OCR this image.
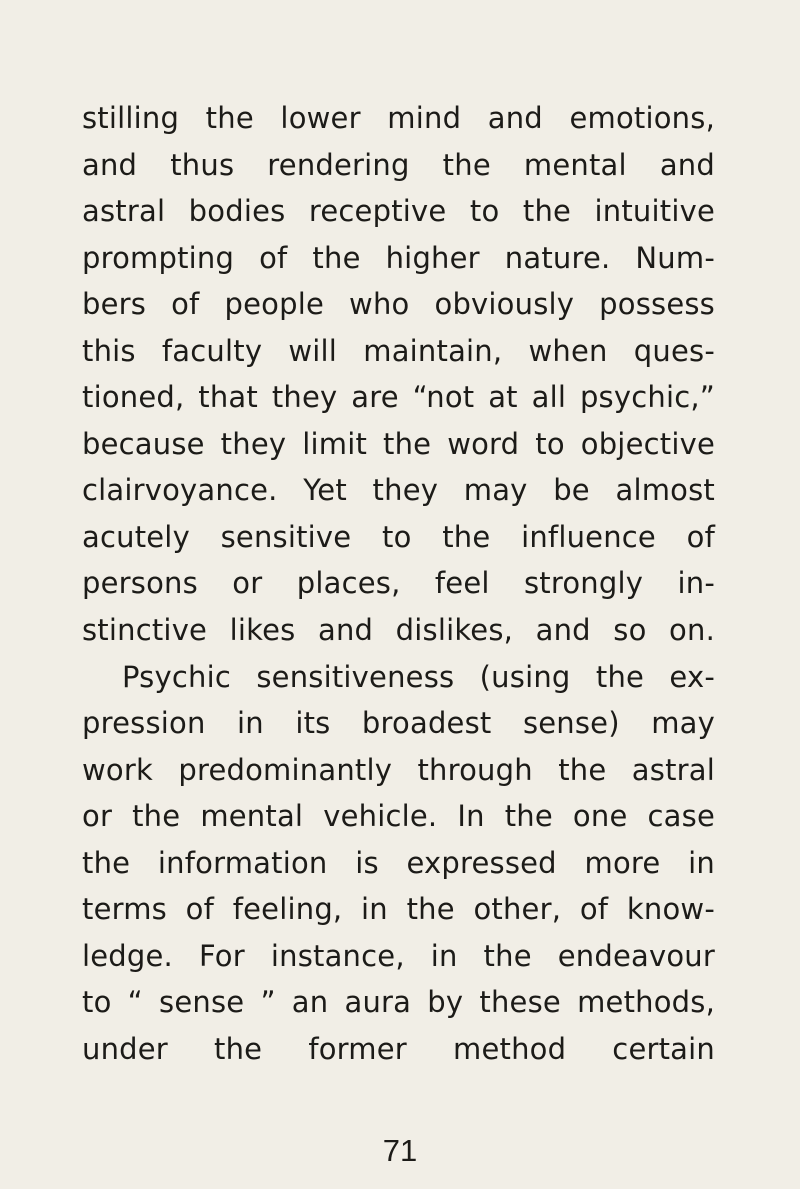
stilling the lower mind and emotions,
and thus rendering the mental and
astral bodies receptive to the intuitive
prompting of the higher nature. Num-
bers of people who obviously possess
this faculty will maintain, when ques-
tioned, that they are “not at all psychic,”
because they limit the word to objective
clairvoyance. Yet they may be almost
acutely sensitive to the influence of
persons or places, feel strongly in-
stinctive likes and dislikes, and so on.
Psychic sensitiveness (using the ex-
pression in its broadest sense) may
work predominantly through the astral
or the mental vehicle. In the one case
the information is expressed more in
terms of feeling, in the other, of know-
ledge. For instance, in the endeavour
to “ sense ” an aura by these methods,
under the former method certain
71
